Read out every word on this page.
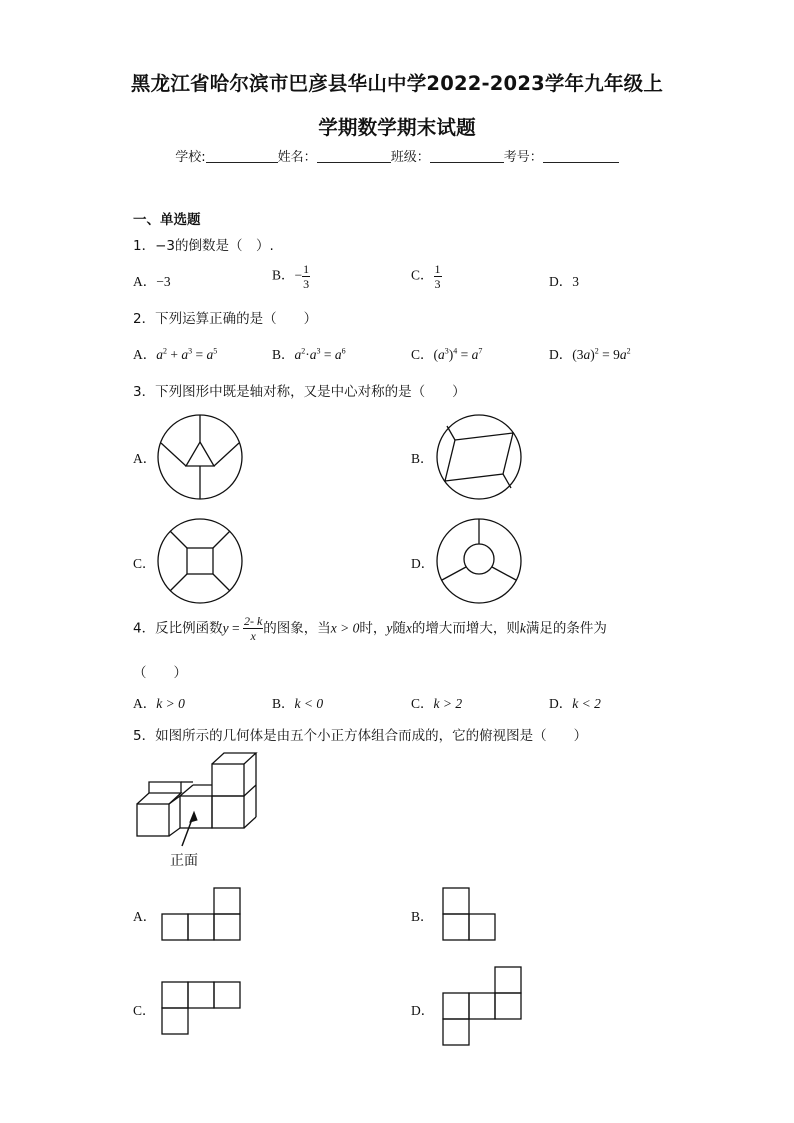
黑龙江省哈尔滨市巴彦县华山中学2022-2023学年九年级上
学期数学期末试题
学校:	姓名：	班级：	考号：
一、单选题
1．−3的倒数是（　）.
A．−3	B．− $\frac{1}{3}$	C． $\frac{1}{3}$	D．3
2．下列运算正确的是（　　）
A．$a^2 + a^3 = a^5$	B．$a^2\cdot a^3 = a^6$	C．$(a^3)^4 = a^7$	D．$(3a)^2 = 9a^2$
3．下列图形中既是轴对称，又是中心对称的是（　　）
A．	B．
C．	D．
4．反比例函数$y = \frac{2- k}{x}$ 的图象，当x > 0时，y随x的增大而增大，则k满足的条件为
（　　）
A．k > 0	B．k < 0	C．k > 2	D．k < 2
5．如图所示的几何体是由五个小正方体组合而成的，它的俯视图是（　　）
正面
A．	B．
C．	D．
